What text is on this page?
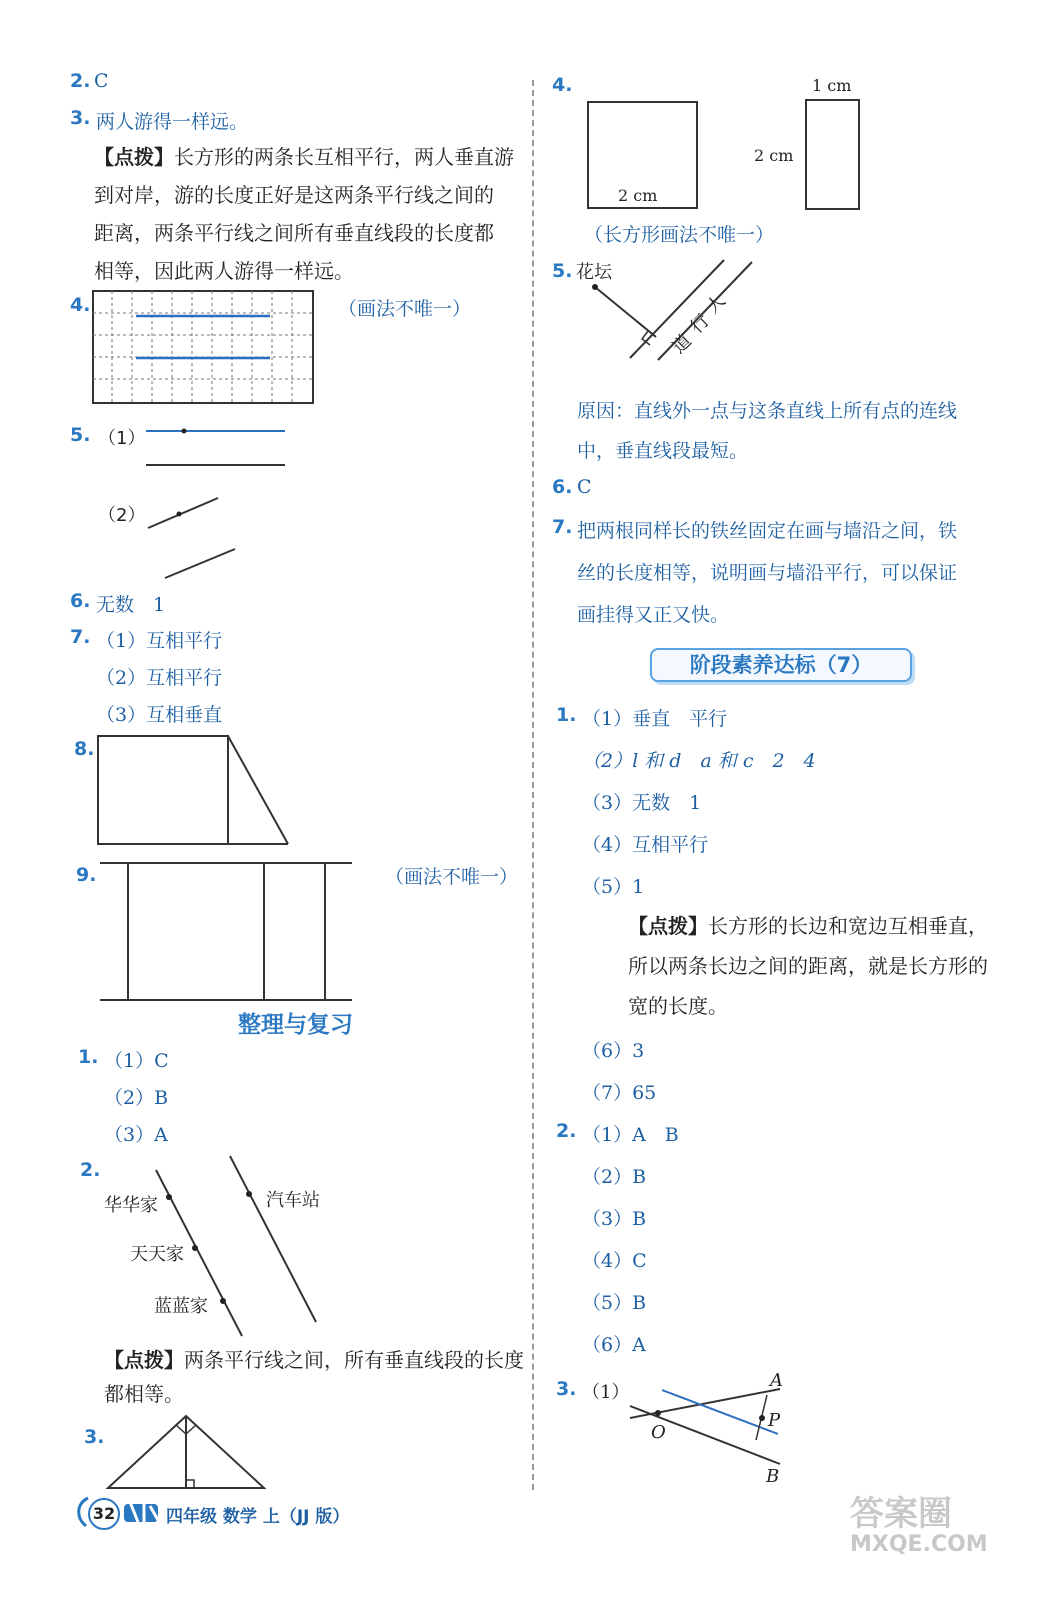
2. C
3. 两人游得一样远。
【点拨】长方形的两条长互相平行，两人垂直游
到对岸，游的长度正好是这两条平行线之间的
距离，两条平行线之间所有垂直线段的长度都
相等，因此两人游得一样远。
4.	（画法不唯一）
5. （1）
（2）
6. 无数　1
7. （1）互相平行
（2）互相平行
（3）互相垂直
8.
9.	（画法不唯一）
整理与复习
1. （1）C
（2）B
（3）A
2.
华华家
天天家
蓝蓝家
汽车站
【点拨】两条平行线之间，所有垂直线段的长度
都相等。
3.
4.
2 cm
1 cm
2 cm
（长方形画法不唯一）
5. 花坛
人
行
道
原因：直线外一点与这条直线上所有点的连线
中，垂直线段最短。
6. C
7. 把两根同样长的铁丝固定在画与墙沿之间，铁
丝的长度相等，说明画与墙沿平行，可以保证
画挂得又正又快。
阶段素养达标（7）
1. （1）垂直　平行
（2）l 和 d　a 和 c　2　4
（3）无数　1
（4）互相平行
（5）1
【点拨】长方形的长边和宽边互相垂直，
所以两条长边之间的距离，就是长方形的
宽的长度。
（6）3
（7）65
2. （1）A　B
（2）B
（3）B
（4）C
（5）B
（6）A
3. （1）
A
P
O
B
32	四年级 数学 上（JJ 版）	答案圈
MXQE.COM
